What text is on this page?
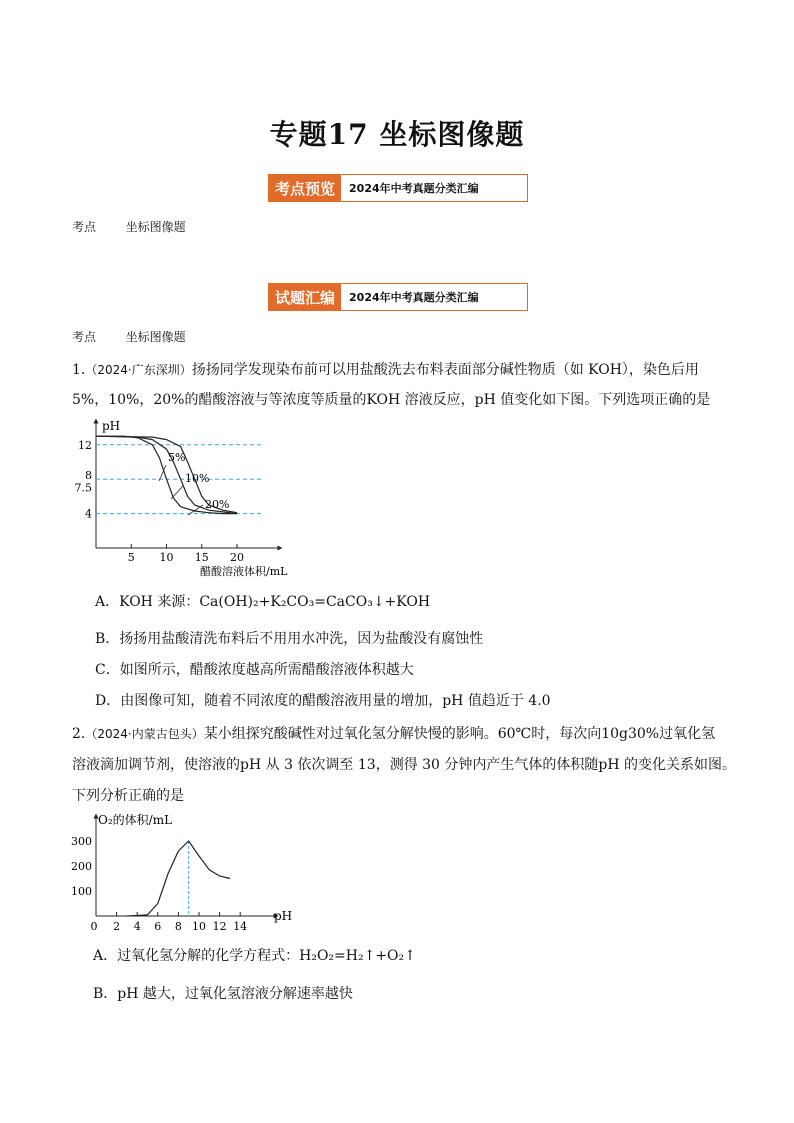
专题17 坐标图像题
考点预览	2024年中考真题分类汇编
考点 坐标图像题
试题汇编	2024年中考真题分类汇编
考点 坐标图像题
1.（2024·广东深圳）扬扬同学发现染布前可以用盐酸洗去布料表面部分碱性物质（如 KOH），染色后用
5%，10%，20%的醋酸溶液与等浓度等质量的KOH 溶液反应，pH 值变化如下图。下列选项正确的是
5 10 15 20
4
7.5
8
12
5%
10%
20%
pH
醋酸溶液体积/mL
A．KOH 来源：Ca(OH)₂+K₂CO₃=CaCO₃↓+KOH
B．扬扬用盐酸清洗布料后不用用水冲洗，因为盐酸没有腐蚀性
C．如图所示，醋酸浓度越高所需醋酸溶液体积越大
D．由图像可知，随着不同浓度的醋酸溶液用量的增加，pH 值趋近于 4.0
2.（2024·内蒙古包头）某小组探究酸碱性对过氧化氢分解快慢的影响。60℃时，每次向10g30%过氧化氢
溶液滴加调节剂，使溶液的pH 从 3 依次调至 13，测得 30 分钟内产生气体的体积随pH 的变化关系如图。
下列分析正确的是
0 2 4 6 8 10 12 14
100
200
300
O₂的体积/mL
pH
A．过氧化氢分解的化学方程式：H₂O₂=H₂↑+O₂↑
B．pH 越大，过氧化氢溶液分解速率越快
